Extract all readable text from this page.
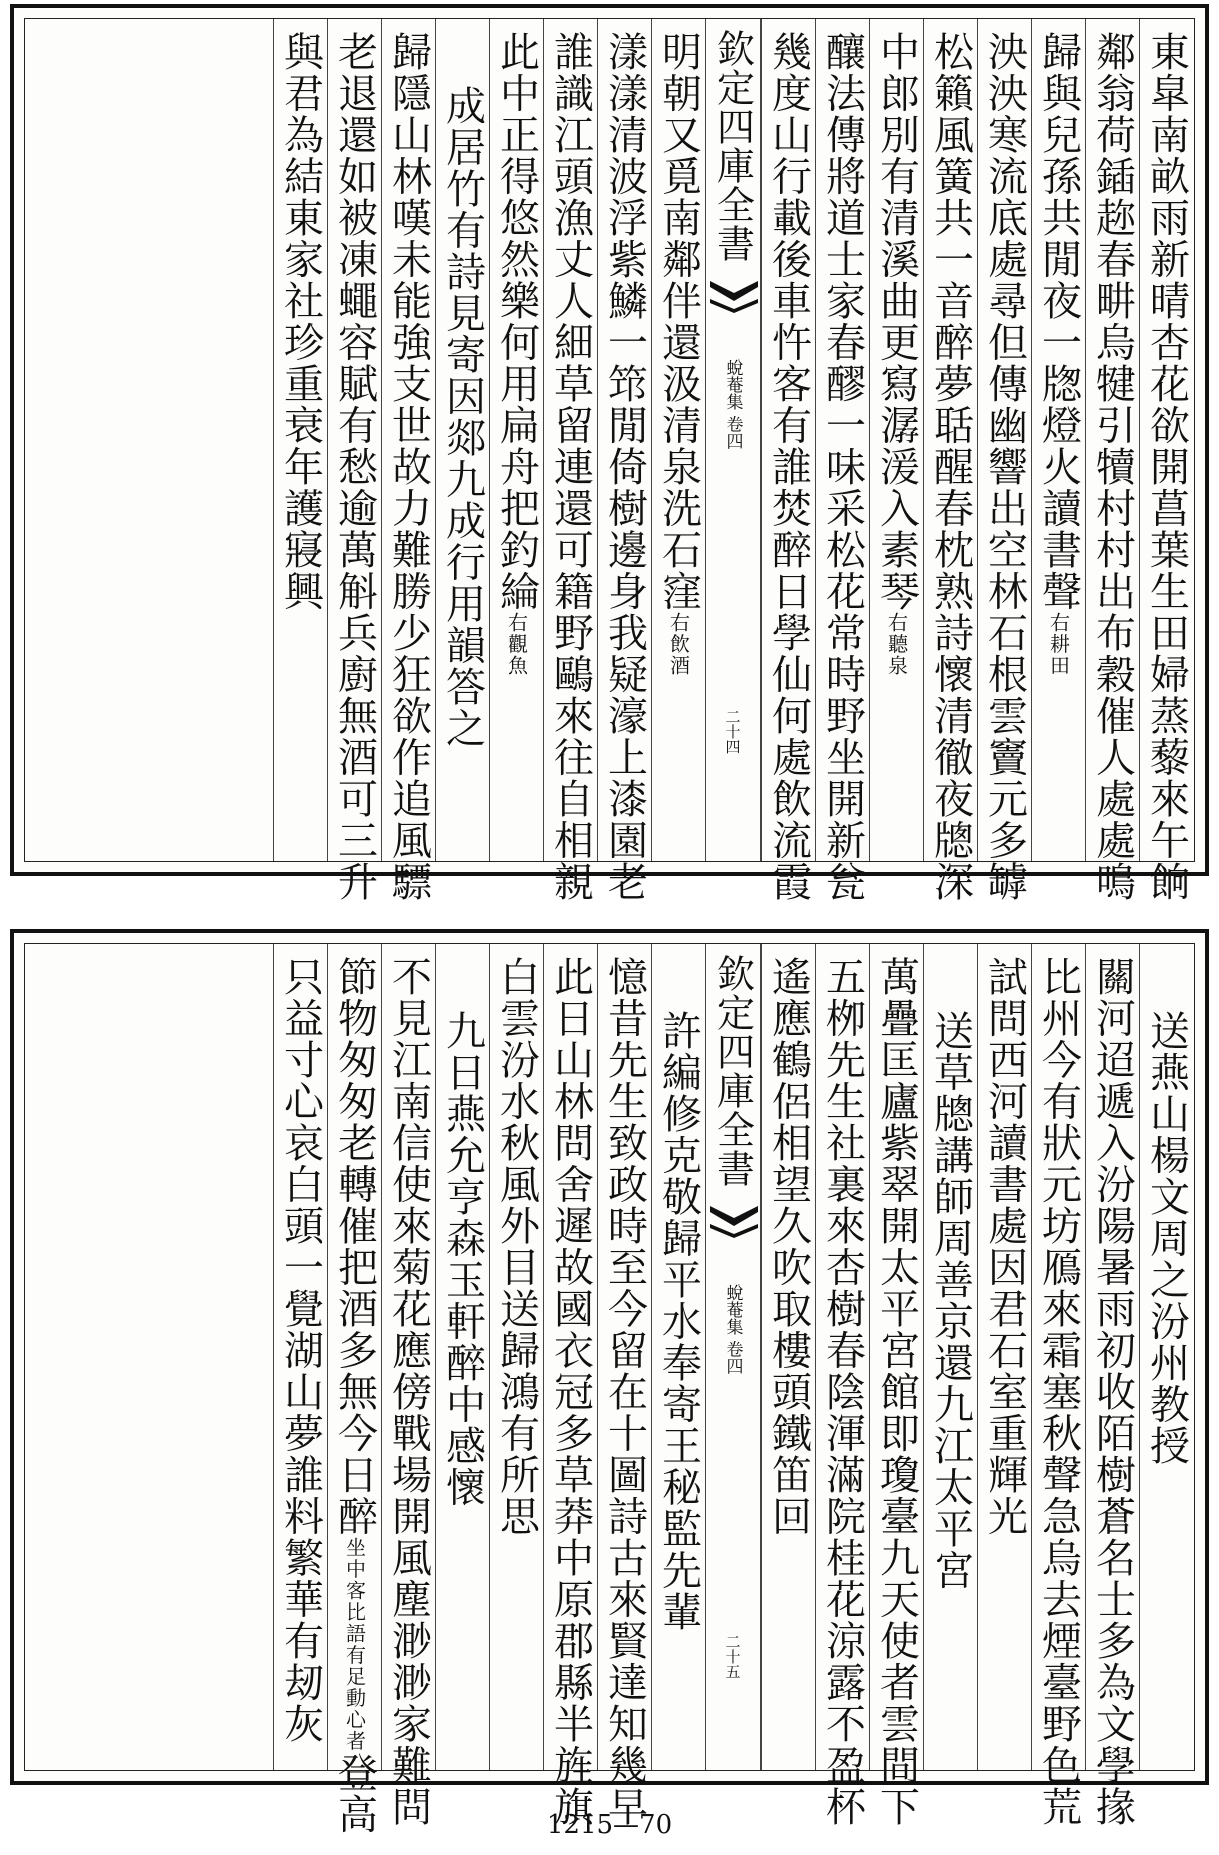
東皐南畝雨新晴杏花欲開菖葉生田婦蒸藜來午餉
鄰翁荷鍤趂春畊烏犍引犢村村出布穀催人處處鳴
歸與兒孫共閒夜一牎燈火讀書聲右耕田
泱泱寒流底處尋但傳幽響出空林石根雲竇元多罅
松籟風簧共一音醉夢聒醒春枕熟詩懷清徹夜牕深
中郎別有清溪曲更寫潺湲入素琴右聽泉
釀法傳將道士家春醪一味采松花常時野坐開新瓮
幾度山行載後車忤客有誰焚醉日學仙何處飲流霞
欽定四庫全書
蛻菴集 卷四
二十四
明朝又覓南鄰伴還汲清泉洗石窪右飲酒
漾漾清波浮紫鱗一筇閒倚樹邊身我疑濠上漆園老
誰識江頭漁丈人細草留連還可籍野鷗來往自相親
此中正得悠然樂何用扁舟把釣綸右觀魚
成居竹有詩見寄因郯九成行用韻答之
歸隱山林嘆未能強支世故力難勝少狂欲作追風驃
老退還如被凍蠅容賦有愁逾萬斛兵廚無酒可三升
與君為結東家社珍重衰年護寢興
送燕山楊文周之汾州教授
關河迢遞入汾陽暑雨初收陌樹蒼名士多為文學掾
比州今有狀元坊鴈來霜塞秋聲急烏去煙臺野色荒
試問西河讀書處因君石室重輝光
送草牕講師周善京還九江太平宮
萬疊匡廬紫翠開太平宮館即瓊臺九天使者雲間下
五栁先生社裏來杏樹春陰渾滿院桂花涼露不盈杯
遙應鶴侶相望久吹取樓頭鐵笛回
欽定四庫全書
蛻菴集 卷四
二十五
許編修克敬歸平水奉寄王秘監先輩
憶昔先生致政時至今留在十圖詩古來賢達知幾早
此日山林問舍遲故國衣冠多草莽中原郡縣半旌旗
白雲汾水秋風外目送歸鴻有所思
九日燕允亨森玉軒醉中感懷
不見江南信使來菊花應傍戰場開風塵渺渺家難問
節物匆匆老轉催把酒多無今日醉坐中客比語有足動心者登高
只益寸心哀白頭一覺湖山夢誰料繁華有刼灰
1215—70
